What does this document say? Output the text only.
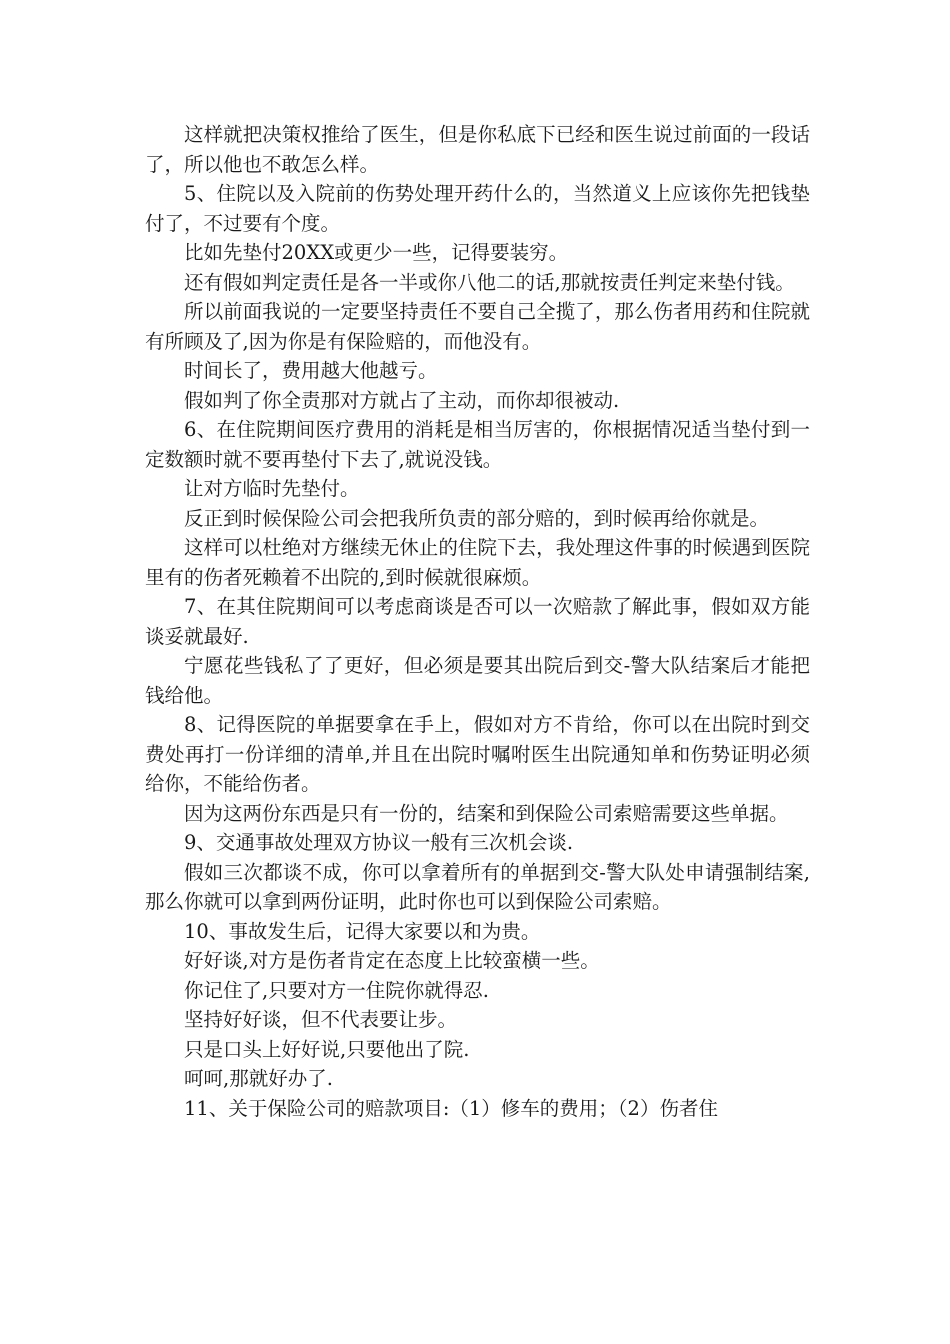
这样就把决策权推给了医生，但是你私底下已经和医生说过前面的一段话了，所以他也不敢怎么样。

5、住院以及入院前的伤势处理开药什么的，当然道义上应该你先把钱垫付了，不过要有个度。

比如先垫付20XX或更少一些，记得要装穷。

还有假如判定责任是各一半或你八他二的话,那就按责任判定来垫付钱。

所以前面我说的一定要坚持责任不要自己全揽了，那么伤者用药和住院就有所顾及了,因为你是有保险赔的，而他没有。

时间长了，费用越大他越亏。

假如判了你全责那对方就占了主动，而你却很被动.

6、在住院期间医疗费用的消耗是相当厉害的，你根据情况适当垫付到一定数额时就不要再垫付下去了,就说没钱。

让对方临时先垫付。

反正到时候保险公司会把我所负责的部分赔的，到时候再给你就是。

这样可以杜绝对方继续无休止的住院下去，我处理这件事的时候遇到医院里有的伤者死赖着不出院的,到时候就很麻烦。

7、在其住院期间可以考虑商谈是否可以一次赔款了解此事，假如双方能谈妥就最好.

宁愿花些钱私了了更好，但必须是要其出院后到交-警大队结案后才能把钱给他。

8、记得医院的单据要拿在手上，假如对方不肯给，你可以在出院时到交费处再打一份详细的清单,并且在出院时嘱咐医生出院通知单和伤势证明必须给你，不能给伤者。

因为这两份东西是只有一份的，结案和到保险公司索赔需要这些单据。

9、交通事故处理双方协议一般有三次机会谈.

假如三次都谈不成，你可以拿着所有的单据到交-警大队处申请强制结案,那么你就可以拿到两份证明，此时你也可以到保险公司索赔。

10、事故发生后，记得大家要以和为贵。

好好谈,对方是伤者肯定在态度上比较蛮横一些。

你记住了,只要对方一住院你就得忍.

坚持好好谈，但不代表要让步。

只是口头上好好说,只要他出了院.

呵呵,那就好办了.

11、关于保险公司的赔款项目:（1）修车的费用；（2）伤者住
